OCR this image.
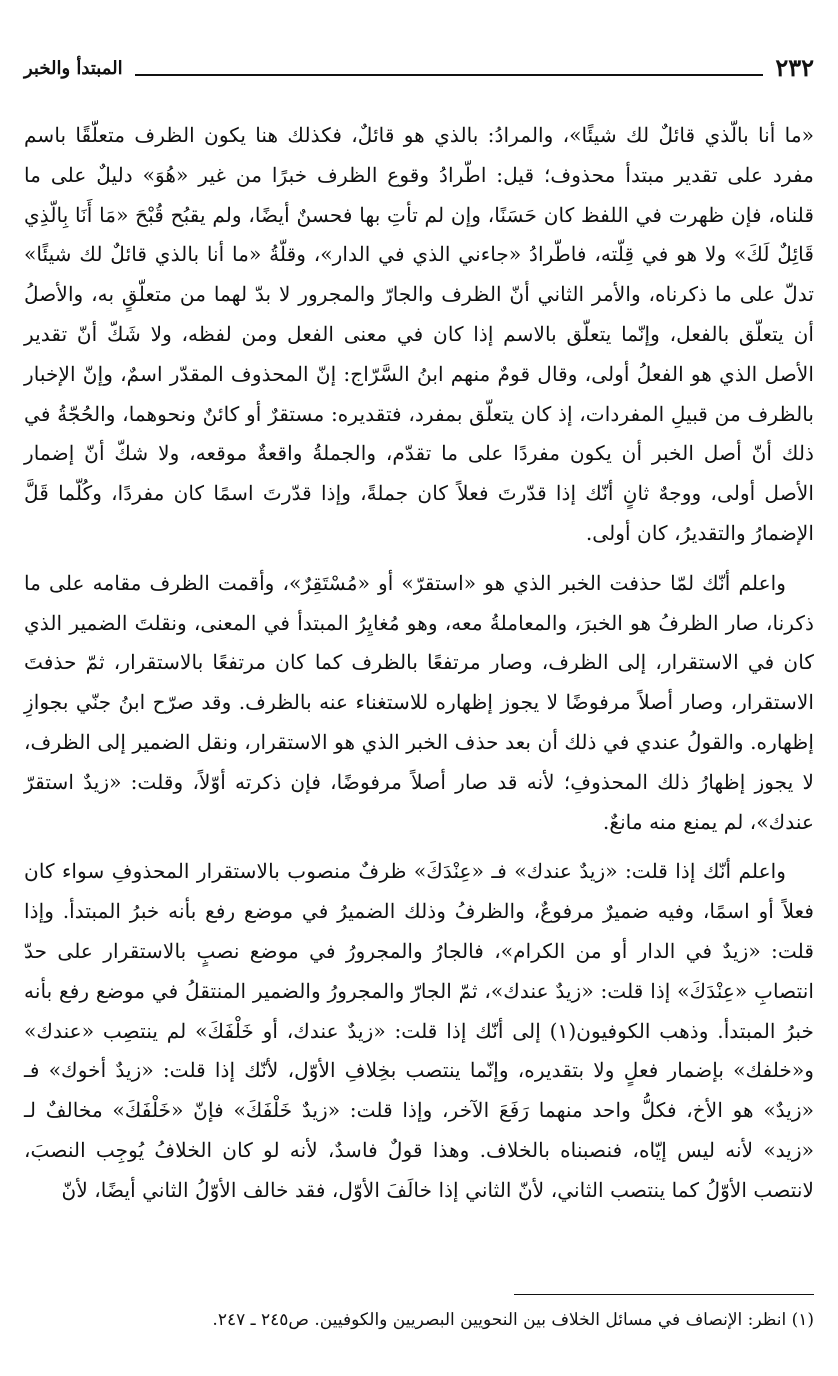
٢٣٢
المبتدأ والخبر

«ما أنا بالّذي قائلٌ لك شيئًا»، والمرادُ: بالذي هو قائلٌ، فكذلك هنا يكون الظرف متعلّقًا باسم مفرد على تقدير مبتدأ محذوف؛ قيل: اطّرادُ وقوع الظرف خبرًا من غير «هُوَ» دليلٌ على ما قلناه، فإن ظهرت في اللفظ كان حَسَنًا، وإن لم تأتِ بها فحسنٌ أيضًا، ولم يقبُح قُبْحَ «مَا أَنَا بِالّذِي قَائِلٌ لَكَ» ولا هو في قِلّته، فاطّرادُ «جاءني الذي في الدار»، وقلّةُ «ما أنا بالذي قائلٌ لك شيئًا» تدلّ على ما ذكرناه، والأمر الثاني أنّ الظرف والجارّ والمجرور لا بدّ لهما من متعلّقٍ به، والأصلُ أن يتعلّق بالفعل، وإنّما يتعلّق بالاسم إذا كان في معنى الفعل ومن لفظه، ولا شَكّ أنّ تقدير الأصل الذي هو الفعلُ أولى، وقال قومٌ منهم ابنُ السَّرّاج: إنّ المحذوف المقدّر اسمٌ، وإنّ الإخبار بالظرف من قبيلِ المفردات، إذ كان يتعلّق بمفرد، فتقديره: مستقرٌ أو كائنٌ ونحوهما، والحُجّةُ في ذلك أنّ أصل الخبر أن يكون مفردًا على ما تقدّم، والجملةُ واقعةٌ موقعه، ولا شكّ أنّ إضمار الأصل أولى، ووجهٌ ثانٍ أنّك إذا قدّرتَ فعلاً كان جملةً، وإذا قدّرتَ اسمًا كان مفردًا، وكُلّما قَلَّ الإضمارُ والتقديرُ، كان أولى.

واعلم أنّك لمّا حذفت الخبر الذي هو «استقرّ» أو «مُسْتَقِرٌ»، وأقمت الظرف مقامه على ما ذكرنا، صار الظرفُ هو الخبرَ، والمعاملةُ معه، وهو مُغايِرُ المبتدأ في المعنى، ونقلتَ الضمير الذي كان في الاستقرار، إلى الظرف، وصار مرتفعًا بالظرف كما كان مرتفعًا بالاستقرار، ثمّ حذفتَ الاستقرار، وصار أصلاً مرفوضًا لا يجوز إظهاره للاستغناء عنه بالظرف. وقد صرّح ابنُ جنّي بجوازِ إظهاره. والقولُ عندي في ذلك أن بعد حذف الخبر الذي هو الاستقرار، ونقل الضمير إلى الظرف، لا يجوز إظهارُ ذلك المحذوفِ؛ لأنه قد صار أصلاً مرفوضًا، فإن ذكرته أوّلاً، وقلت: «زيدٌ استقرّ عندك»، لم يمنع منه مانعٌ.

واعلم أنّك إذا قلت: «زيدٌ عندك» فـ «عِنْدَكَ» ظرفٌ منصوب بالاستقرار المحذوفِ سواء كان فعلاً أو اسمًا، وفيه ضميرٌ مرفوعٌ، والظرفُ وذلك الضميرُ في موضع رفع بأنه خبرُ المبتدأ. وإذا قلت: «زيدٌ في الدار أو من الكرام»، فالجارُ والمجرورُ في موضع نصبٍ بالاستقرار على حدّ انتصابِ «عِنْدَكَ» إذا قلت: «زيدٌ عندك»، ثمّ الجارّ والمجرورُ والضمير المنتقلُ في موضع رفع بأنه خبرُ المبتدأ. وذهب الكوفيون(١) إلى أنّك إذا قلت: «زيدٌ عندك، أو خَلْفَكَ» لم ينتصِب «عندك» و«خلفك» بإضمار فعلٍ ولا بتقديره، وإنّما ينتصب بخِلافِ الأوّل، لأنّك إذا قلت: «زيدٌ أخوك» فـ «زيدٌ» هو الأخ، فكلُّ واحد منهما رَفَعَ الآخر، وإذا قلت: «زيدٌ خَلْفَكَ» فإنّ «خَلْفَكَ» مخالفٌ لـ «زيد» لأنه ليس إيّاه، فنصبناه بالخلاف. وهذا قولٌ فاسدٌ، لأنه لو كان الخلافُ يُوجِب النصبَ، لانتصب الأوّلُ كما ينتصب الثاني، لأنّ الثاني إذا خالَفَ الأوّل، فقد خالف الأوّلُ الثاني أيضًا، لأنّ

(١) انظر: الإنصاف في مسائل الخلاف بين النحويين البصريين والكوفيين. ص٢٤٥ ـ ٢٤٧.
